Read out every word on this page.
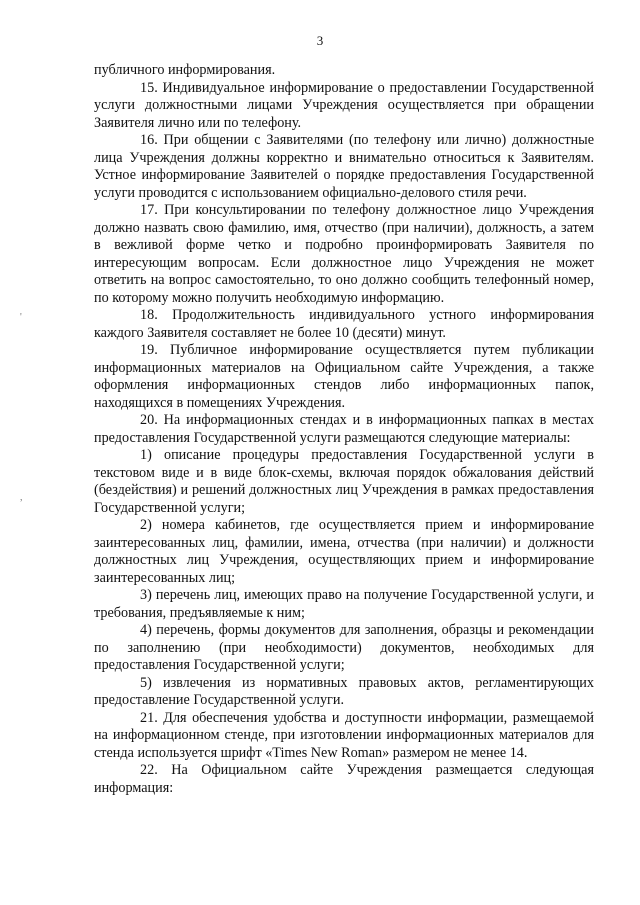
3
'
,

публичного информирования.

15. Индивидуальное информирование о предоставлении Государственной услуги должностными лицами Учреждения осуществляется при обращении Заявителя лично или по телефону.

16. При общении с Заявителями (по телефону или лично) должностные лица Учреждения должны корректно и внимательно относиться к Заявителям. Устное информирование Заявителей о порядке предоставления Государственной услуги проводится с использованием официально-делового стиля речи.

17. При консультировании по телефону должностное лицо Учреждения должно назвать свою фамилию, имя, отчество (при наличии), должность, а затем в вежливой форме четко и подробно проинформировать Заявителя по интересующим вопросам. Если должностное лицо Учреждения не может ответить на вопрос самостоятельно, то оно должно сообщить телефонный номер, по которому можно получить необходимую информацию.

18. Продолжительность индивидуального устного информирования каждого Заявителя составляет не более 10 (десяти) минут.

19. Публичное информирование осуществляется путем публикации информационных материалов на Официальном сайте Учреждения, а также оформления информационных стендов либо информационных папок, находящихся в помещениях Учреждения.

20. На информационных стендах и в информационных папках в местах предоставления Государственной услуги размещаются следующие материалы:

1) описание процедуры предоставления Государственной услуги в текстовом виде и в виде блок-схемы, включая порядок обжалования действий (бездействия) и решений должностных лиц Учреждения в рамках предоставления Государственной услуги;

2) номера кабинетов, где осуществляется прием и информирование заинтересованных лиц, фамилии, имена, отчества (при наличии) и должности должностных лиц Учреждения, осуществляющих прием и информирование заинтересованных лиц;

3) перечень лиц, имеющих право на получение Государственной услуги, и требования, предъявляемые к ним;

4) перечень, формы документов для заполнения, образцы и рекомендации по заполнению (при необходимости) документов, необходимых для предоставления Государственной услуги;

5) извлечения из нормативных правовых актов, регламентирующих предоставление Государственной услуги.

21. Для обеспечения удобства и доступности информации, размещаемой на информационном стенде, при изготовлении информационных материалов для стенда используется шрифт «Times New Roman» размером не менее 14.

22. На Официальном сайте Учреждения размещается следующая информация:
